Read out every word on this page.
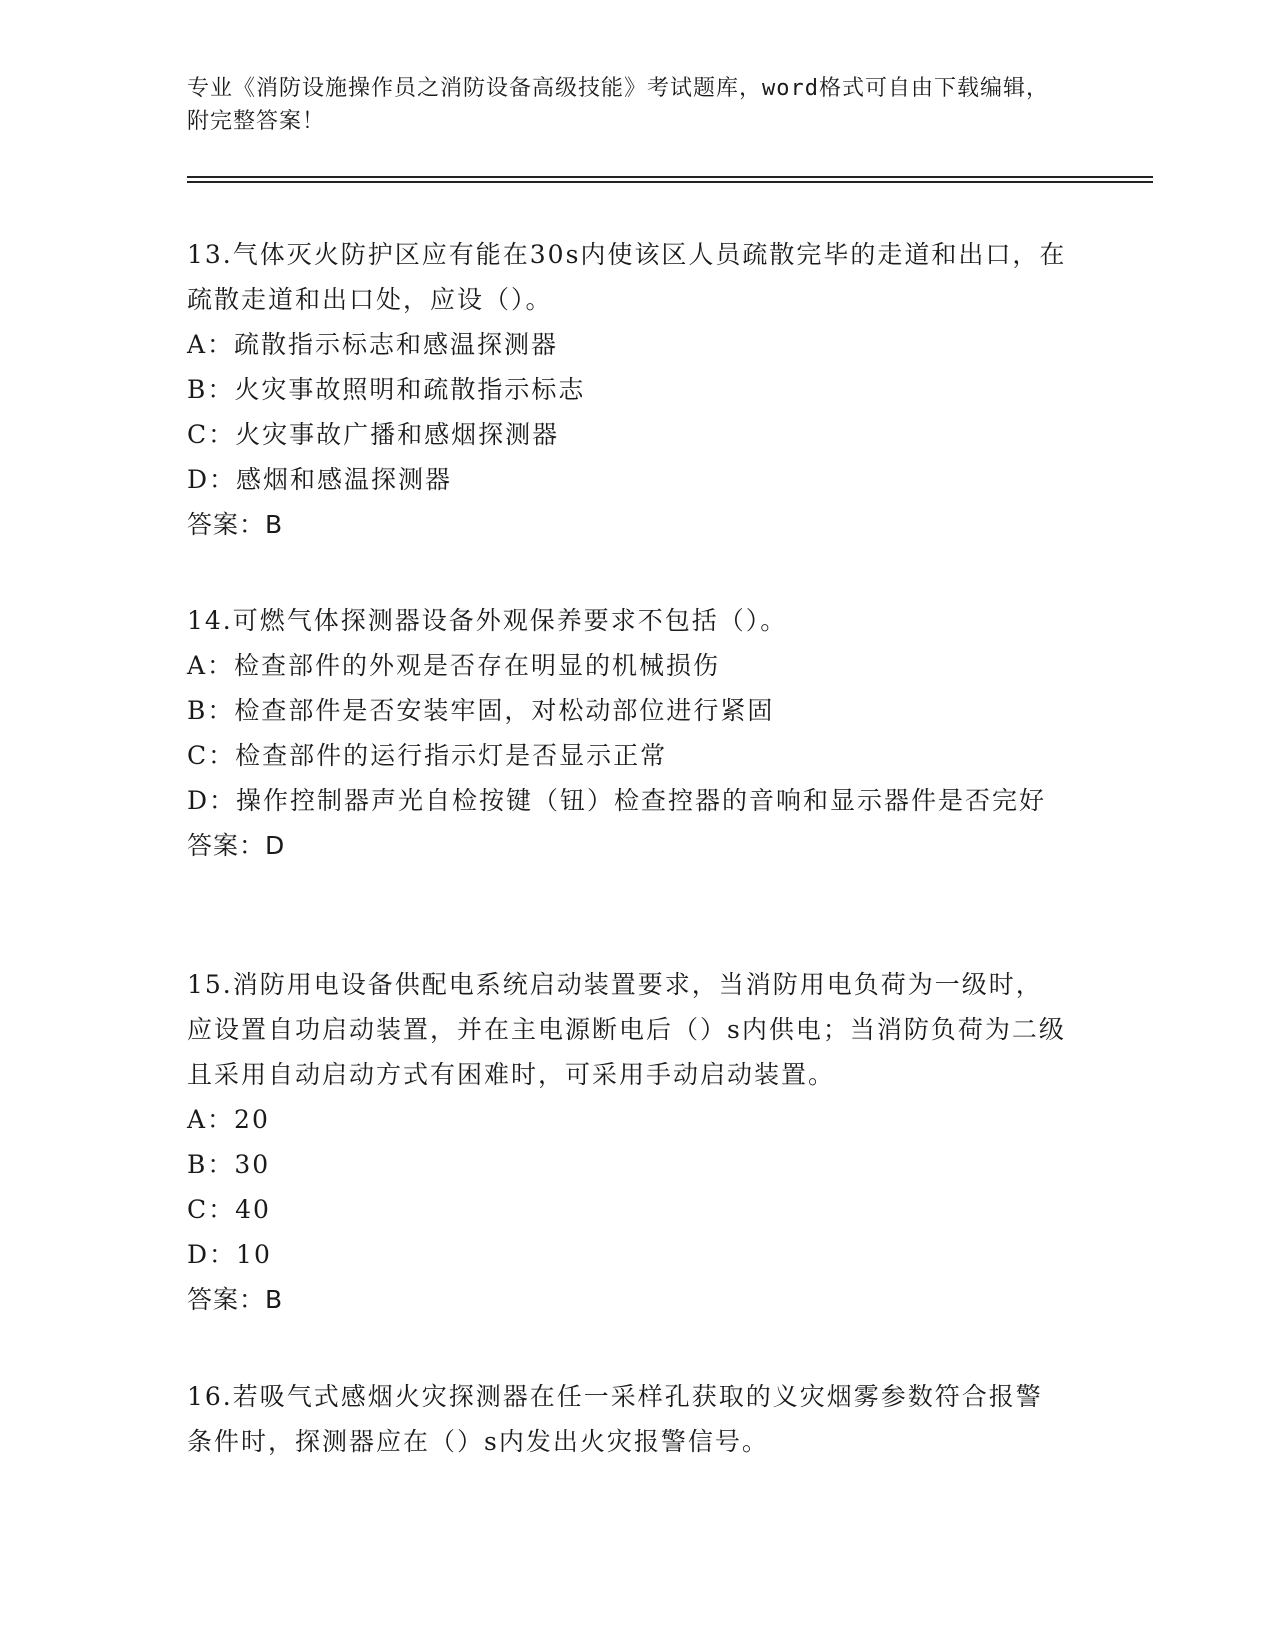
专业《消防设施操作员之消防设备高级技能》考试题库，word格式可自由下载编辑，附完整答案！

13.气体灭火防护区应有能在30s内使该区人员疏散完毕的走道和出口，在疏散走道和出口处，应设（）。

A：疏散指示标志和感温探测器

B：火灾事故照明和疏散指示标志

C：火灾事故广播和感烟探测器

D：感烟和感温探测器

答案：B

14.可燃气体探测器设备外观保养要求不包括（）。

A：检查部件的外观是否存在明显的机械损伤

B：检查部件是否安装牢固，对松动部位进行紧固

C：检查部件的运行指示灯是否显示正常

D：操作控制器声光自检按键（钮）检查控器的音响和显示器件是否完好

答案：D

15.消防用电设备供配电系统启动装置要求，当消防用电负荷为一级时，应设置自功启动装置，并在主电源断电后（）s内供电；当消防负荷为二级且采用自动启动方式有困难时，可采用手动启动装置。

A：20

B：30

C：40

D：10

答案：B

16.若吸气式感烟火灾探测器在任一采样孔获取的义灾烟雾参数符合报警条件时，探测器应在（）s内发出火灾报警信号。
